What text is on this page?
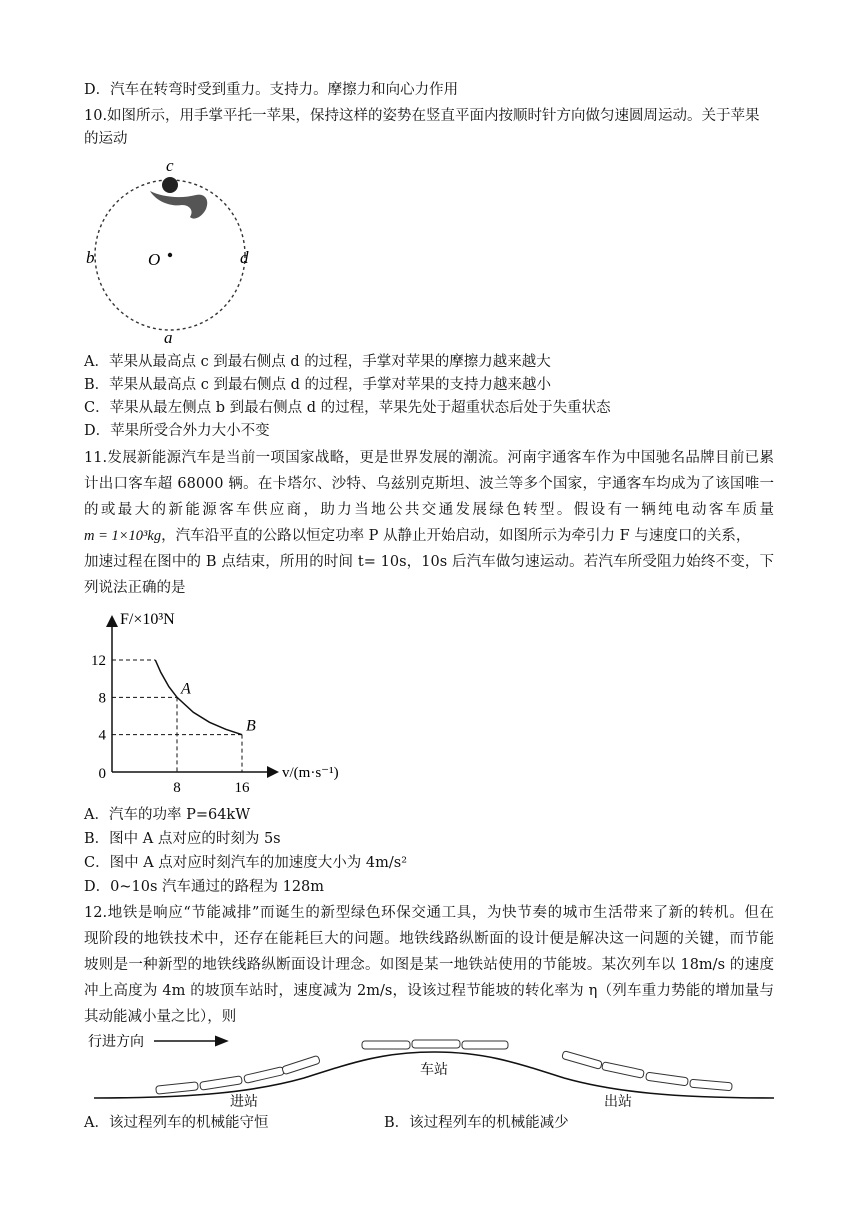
D．汽车在转弯时受到重力。支持力。摩擦力和向心力作用
10.如图所示，用手掌平托一苹果，保持这样的姿势在竖直平面内按顺时针方向做匀速圆周运动。关于苹果
的运动
c
b	d
O
a
A．苹果从最高点 c 到最右侧点 d 的过程，手掌对苹果的摩擦力越来越大
B．苹果从最高点 c 到最右侧点 d 的过程，手掌对苹果的支持力越来越小
C．苹果从最左侧点 b 到最右侧点 d 的过程，苹果先处于超重状态后处于失重状态
D．苹果所受合外力大小不变
11.发展新能源汽车是当前一项国家战略，更是世界发展的潮流。河南宇通客车作为中国驰名品牌目前已累
计出口客车超 68000 辆。在卡塔尔、沙特、乌兹别克斯坦、波兰等多个国家，宇通客车均成为了该国唯一
的或最大的新能源客车供应商，助力当地公共交通发展绿色转型。假设有一辆纯电动客车质量
m = 1×10³kg，汽车沿平直的公路以恒定功率 P 从静止开始启动，如图所示为牵引力 F 与速度口的关系，
加速过程在图中的 B 点结束，所用的时间 t= 10s，10s 后汽车做匀速运动。若汽车所受阻力始终不变，下
列说法正确的是
F/×10³N
v/(m·s⁻¹)
A
B
4
8
12
0
8	16
A．汽车的功率 P=64kW
B．图中 A 点对应的时刻为 5s
C．图中 A 点对应时刻汽车的加速度大小为 4m/s²
D．0~10s 汽车通过的路程为 128m
12.地铁是响应“节能减排”而诞生的新型绿色环保交通工具，为快节奏的城市生活带来了新的转机。但在
现阶段的地铁技术中，还存在能耗巨大的问题。地铁线路纵断面的设计便是解决这一问题的关键，而节能
坡则是一种新型的地铁线路纵断面设计理念。如图是某一地铁站使用的节能坡。某次列车以 18m/s 的速度
冲上高度为 4m 的坡顶车站时，速度减为 2m/s，设该过程节能坡的转化率为 η（列车重力势能的增加量与
其动能减小量之比），则
行进方向
车站
进站	出站
A．该过程列车的机械能守恒	B．该过程列车的机械能减少
